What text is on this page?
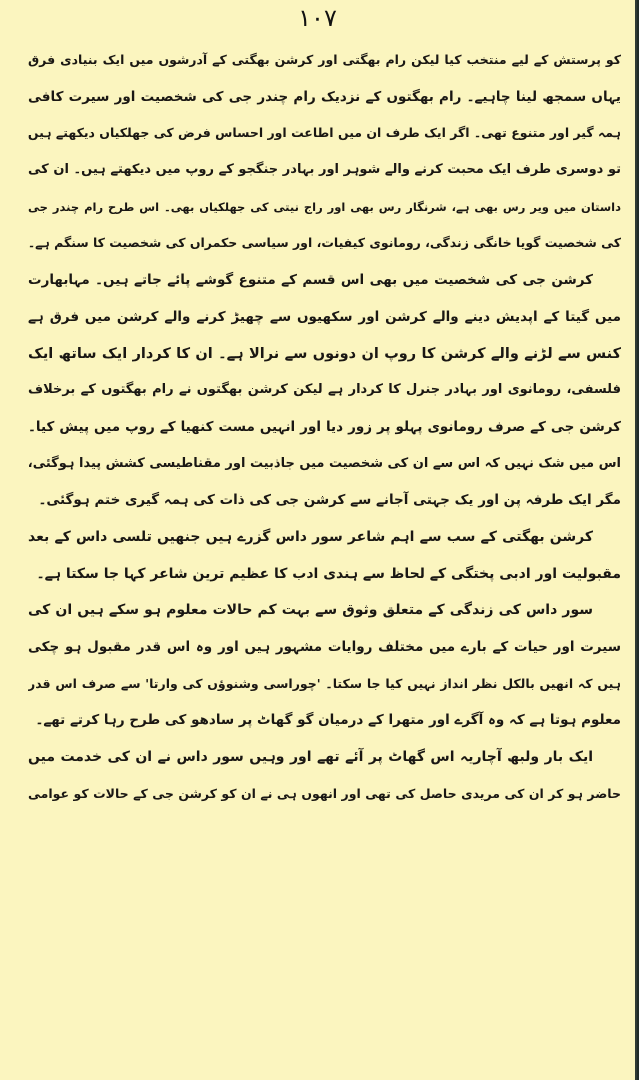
۱۰۷
کو پرستش کے لیے منتخب کیا لیکن رام بھگتی اور کرشن بھگتی کے آدرشوں میں ایک بنیادی فرق
یہاں سمجھ لینا چاہیے۔ رام بھگتوں کے نزدیک رام چندر جی کی شخصیت اور سیرت کافی
ہمہ گیر اور متنوع تھی۔ اگر ایک طرف ان میں اطاعت اور احساس فرض کی جھلکیاں دیکھتے ہیں
تو دوسری طرف ایک محبت کرنے والے شوہر اور بہادر جنگجو کے روپ میں دیکھتے ہیں۔ ان کی
داستان میں ویر رس بھی ہے، شرنگار رس بھی اور راج نیتی کی جھلکیاں بھی۔ اس طرح رام چندر جی
کی شخصیت گویا خانگی زندگی، رومانوی کیفیات، اور سیاسی حکمراں کی شخصیت کا سنگم ہے۔
کرشن جی کی شخصیت میں بھی اس قسم کے متنوع گوشے پائے جاتے ہیں۔ مہابھارت
میں گیتا کے اپدیش دینے والے کرشن اور سکھیوں سے چھیڑ کرنے والے کرشن میں فرق ہے
کنس سے لڑنے والے کرشن کا روپ ان دونوں سے نرالا ہے۔ ان کا کردار ایک ساتھ ایک
فلسفی، رومانوی اور بہادر جنرل کا کردار ہے لیکن کرشن بھگتوں نے رام بھگتوں کے برخلاف
کرشن جی کے صرف رومانوی پہلو پر زور دیا اور انہیں مست کنھیا کے روپ میں پیش کیا۔
اس میں شک نہیں کہ اس سے ان کی شخصیت میں جاذبیت اور مقناطیسی کشش پیدا ہوگئی،
مگر ایک طرفہ پن اور یک جہتی آجانے سے کرشن جی کی ذات کی ہمہ گیری ختم ہوگئی۔
کرشن بھگتی کے سب سے اہم شاعر سور داس گزرے ہیں جنھیں تلسی داس کے بعد
مقبولیت اور ادبی پختگی کے لحاظ سے ہندی ادب کا عظیم ترین شاعر کہا جا سکتا ہے۔
سور داس کی زندگی کے متعلق وثوق سے بہت کم حالات معلوم ہو سکے ہیں ان کی
سیرت اور حیات کے بارے میں مختلف روایات مشہور ہیں اور وہ اس قدر مقبول ہو چکی
ہیں کہ انھیں بالکل نظر انداز نہیں کیا جا سکتا۔ 'چوراسی وشنوؤں کی وارتا' سے صرف اس قدر
معلوم ہوتا ہے کہ وہ آگرے اور متھرا کے درمیان گو گھاٹ پر سادھو کی طرح رہا کرتے تھے۔
ایک بار ولبھ آچاریہ اس گھاٹ پر آئے تھے اور وہیں سور داس نے ان کی خدمت میں
حاضر ہو کر ان کی مریدی حاصل کی تھی اور انھوں ہی نے ان کو کرشن جی کے حالات کو عوامی
